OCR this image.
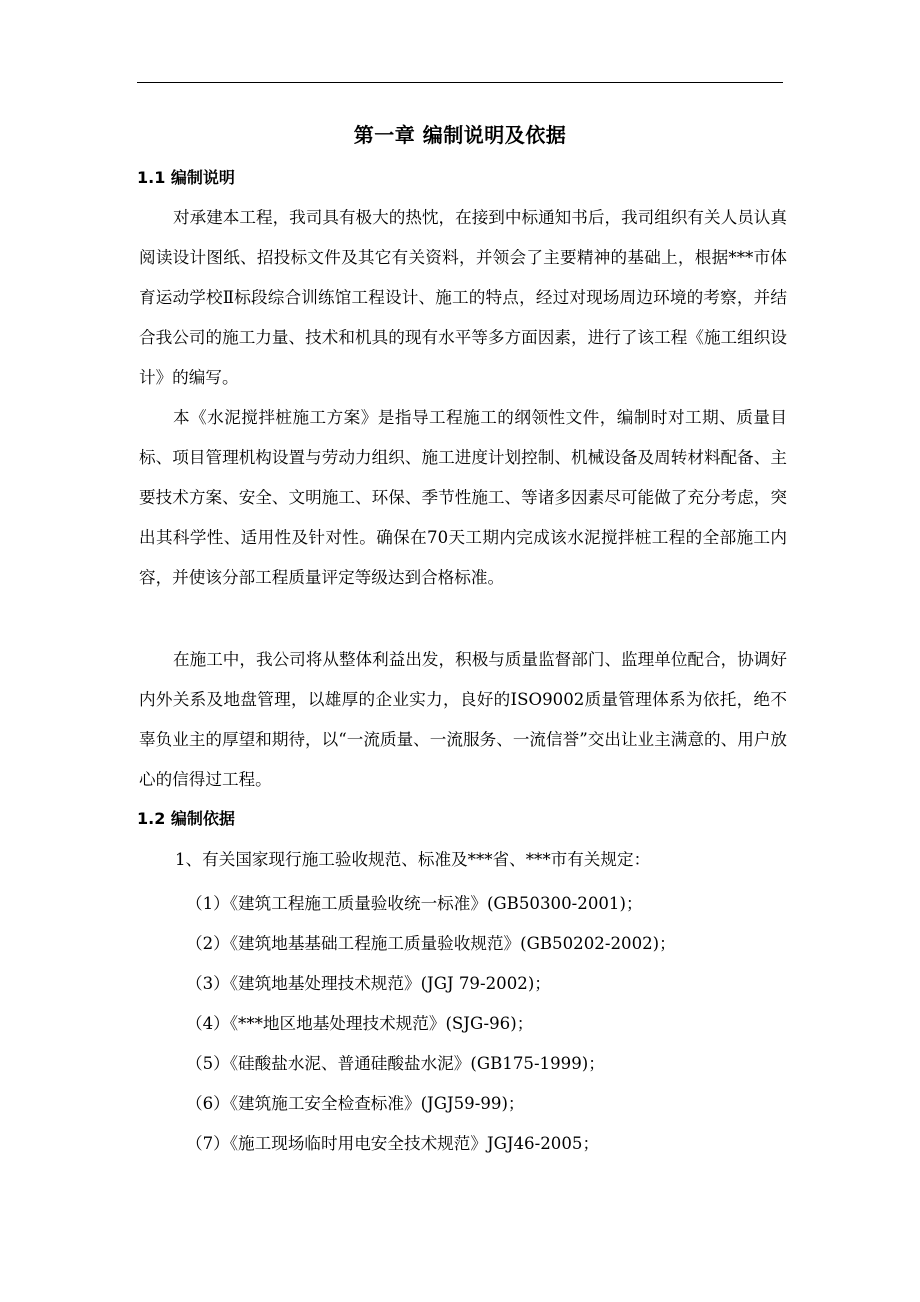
第一章 编制说明及依据
1.1 编制说明

对承建本工程，我司具有极大的热忱，在接到中标通知书后，我司组织有关人员认真阅读设计图纸、招投标文件及其它有关资料，并领会了主要精神的基础上，根据***市体育运动学校Ⅱ标段综合训练馆工程设计、施工的特点，经过对现场周边环境的考察，并结合我公司的施工力量、技术和机具的现有水平等多方面因素，进行了该工程《施工组织设计》的编写。

本《水泥搅拌桩施工方案》是指导工程施工的纲领性文件，编制时对工期、质量目标、项目管理机构设置与劳动力组织、施工进度计划控制、机械设备及周转材料配备、主要技术方案、安全、文明施工、环保、季节性施工、等诸多因素尽可能做了充分考虑，突出其科学性、适用性及针对性。确保在70天工期内完成该水泥搅拌桩工程的全部施工内容，并使该分部工程质量评定等级达到合格标准。

在施工中，我公司将从整体利益出发，积极与质量监督部门、监理单位配合，协调好内外关系及地盘管理，以雄厚的企业实力，良好的ISO9002质量管理体系为依托，绝不辜负业主的厚望和期待，以“一流质量、一流服务、一流信誉”交出让业主满意的、用户放心的信得过工程。

1.2 编制依据
1、有关国家现行施工验收规范、标准及***省、***市有关规定：
（1）《建筑工程施工质量验收统一标准》(GB50300-2001)；
（2）《建筑地基基础工程施工质量验收规范》(GB50202-2002)；
（3）《建筑地基处理技术规范》(JGJ 79-2002)；
（4）《***地区地基处理技术规范》(SJG-96)；
（5）《硅酸盐水泥、普通硅酸盐水泥》(GB175-1999)；
（6）《建筑施工安全检查标准》(JGJ59-99)；
（7）《施工现场临时用电安全技术规范》JGJ46-2005；
